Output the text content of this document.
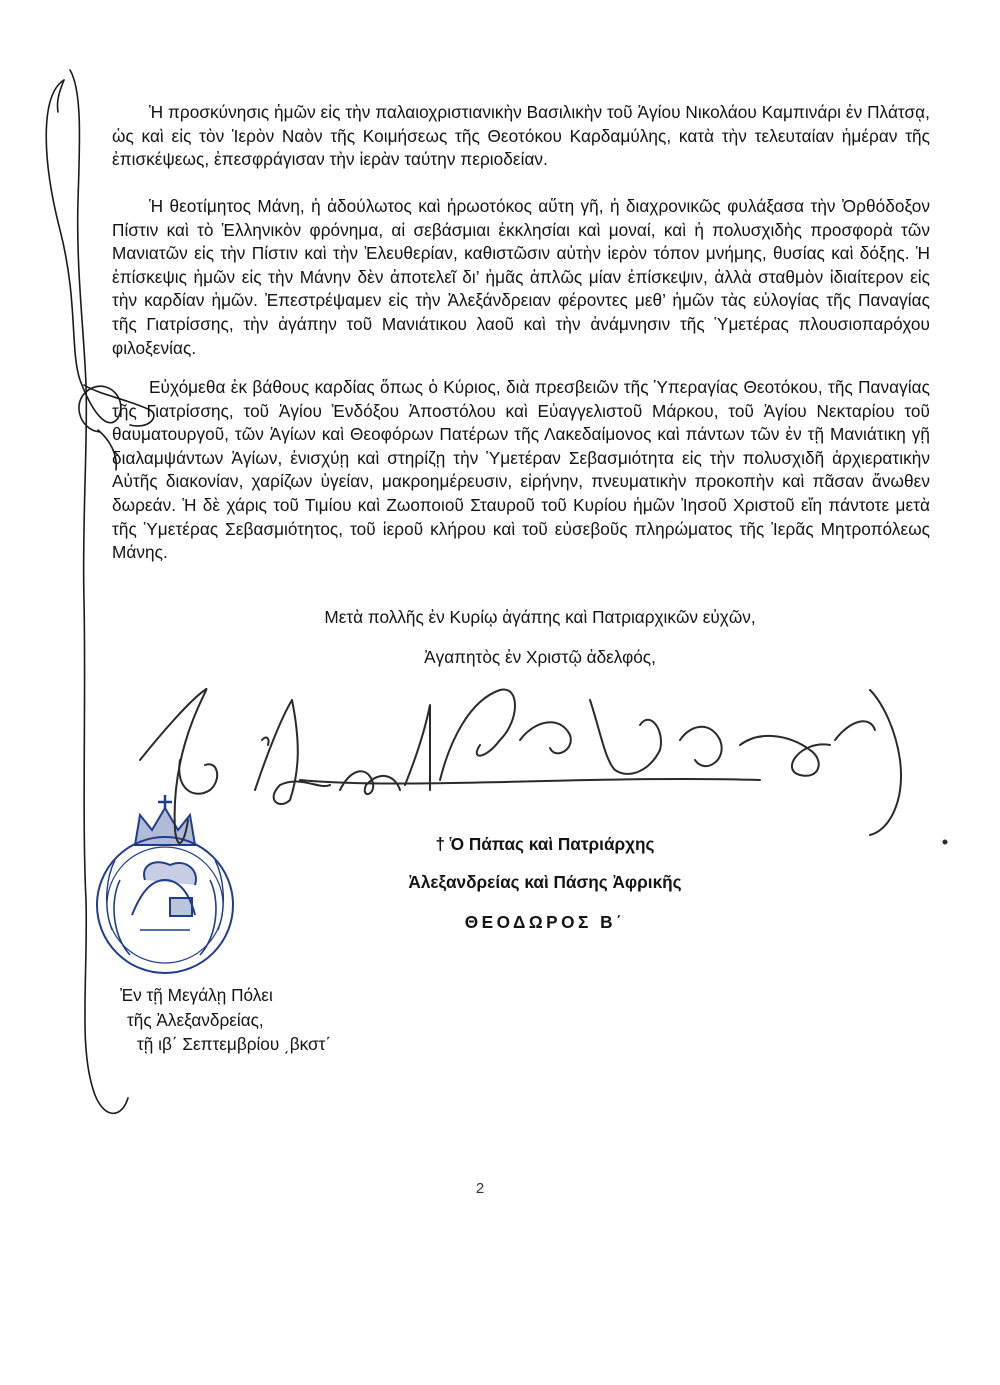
Ἡ προσκύνησις ἡμῶν εἰς τὴν παλαιοχριστιανικὴν Βασιλικὴν τοῦ Ἁγίου Νικολάου Καμπινάρι ἐν Πλάτσᾳ, ὡς καὶ εἰς τὸν Ἱερὸν Ναὸν τῆς Κοιμήσεως τῆς Θεοτόκου Καρδαμύλης, κατὰ τὴν τελευταίαν ἡμέραν τῆς ἐπισκέψεως, ἐπεσφράγισαν τὴν ἱερὰν ταύτην περιοδείαν.

Ἡ θεοτίμητος Μάνη, ἡ ἀδούλωτος καὶ ἡρωοτόκος αὕτη γῆ, ἡ διαχρονικῶς φυλάξασα τὴν Ὀρθόδοξον Πίστιν καὶ τὸ Ἑλληνικὸν φρόνημα, αἱ σεβάσμιαι ἐκκλησίαι καὶ μοναί, καὶ ἡ πολυσχιδὴς προσφορὰ τῶν Μανιατῶν εἰς τὴν Πίστιν καὶ τὴν Ἐλευθερίαν, καθιστῶσιν αὐτὴν ἱερὸν τόπον μνήμης, θυσίας καὶ δόξης. Ἡ ἐπίσκεψις ἡμῶν εἰς τὴν Μάνην δὲν ἀποτελεῖ δι’ ἡμᾶς ἁπλῶς μίαν ἐπίσκεψιν, ἀλλὰ σταθμὸν ἰδιαίτερον εἰς τὴν καρδίαν ἡμῶν. Ἐπεστρέψαμεν εἰς τὴν Ἀλεξάνδρειαν φέροντες μεθ’ ἡμῶν τὰς εὐλογίας τῆς Παναγίας τῆς Γιατρίσσης, τὴν ἀγάπην τοῦ Μανιάτικου λαοῦ καὶ τὴν ἀνάμνησιν τῆς Ὑμετέρας πλουσιοπαρόχου φιλοξενίας.

Εὐχόμεθα ἐκ βάθους καρδίας ὅπως ὁ Κύριος, διὰ πρεσβειῶν τῆς Ὑπεραγίας Θεοτόκου, τῆς Παναγίας τῆς Γιατρίσσης, τοῦ Ἁγίου Ἐνδόξου Ἀποστόλου καὶ Εὐαγγελιστοῦ Μάρκου, τοῦ Ἁγίου Νεκταρίου τοῦ θαυματουργοῦ, τῶν Ἁγίων καὶ Θεοφόρων Πατέρων τῆς Λακεδαίμονος καὶ πάντων τῶν ἐν τῇ Μανιάτικη γῇ διαλαμψάντων Ἁγίων, ἐνισχύῃ καὶ στηρίζῃ τὴν Ὑμετέραν Σεβασμιότητα εἰς τὴν πολυσχιδῆ ἀρχιερατικὴν Αὐτῆς διακονίαν, χαρίζων ὑγείαν, μακροημέρευσιν, εἰρήνην, πνευματικὴν προκοπὴν καὶ πᾶσαν ἄνωθεν δωρεάν. Ἡ δὲ χάρις τοῦ Τιμίου καὶ Ζωοποιοῦ Σταυροῦ τοῦ Κυρίου ἡμῶν Ἰησοῦ Χριστοῦ εἴη πάντοτε μετὰ τῆς Ὑμετέρας Σεβασμιότητος, τοῦ ἱεροῦ κλήρου καὶ τοῦ εὐσεβοῦς πληρώματος τῆς Ἱερᾶς Μητροπόλεως Μάνης.

Μετὰ πολλῆς ἐν Κυρίῳ ἀγάπης καὶ Πατριαρχικῶν εὐχῶν,
Ἀγαπητὸς ἐν Χριστῷ ἀδελφός,
† Ὁ Πάπας καὶ Πατριάρχης
Ἀλεξανδρείας καὶ Πάσης Ἀφρικῆς
ΘΕΟΔΩΡΟΣ Β΄
Ἐν τῇ Μεγάλῃ Πόλει
τῆς Ἀλεξανδρείας,
τῇ ιβ΄ Σεπτεμβρίου ͵βκστ΄
2
